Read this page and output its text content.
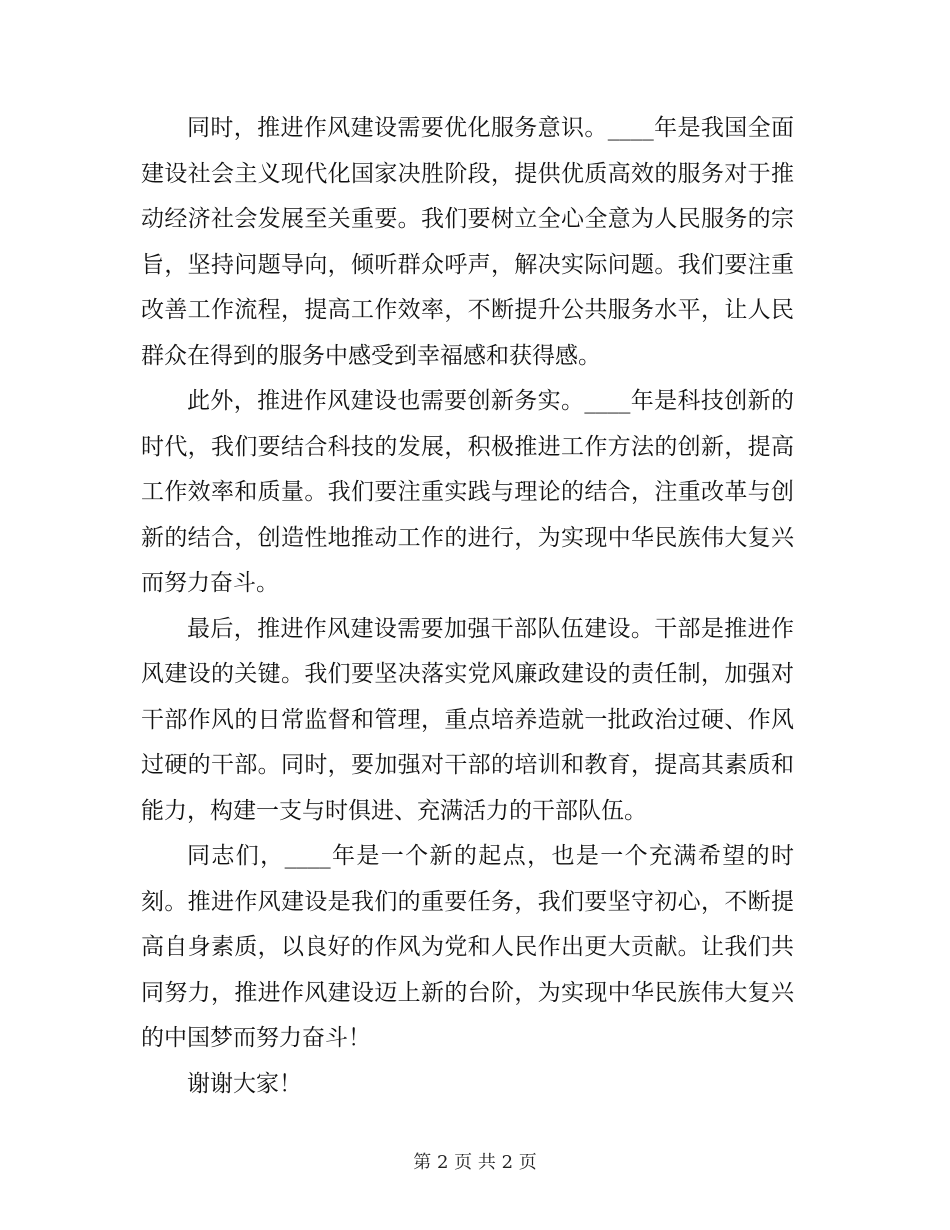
同时，推进作风建设需要优化服务意识。____年是我国全面建设社会主义现代化国家决胜阶段，提供优质高效的服务对于推动经济社会发展至关重要。我们要树立全心全意为人民服务的宗旨，坚持问题导向，倾听群众呼声，解决实际问题。我们要注重改善工作流程，提高工作效率，不断提升公共服务水平，让人民群众在得到的服务中感受到幸福感和获得感。

此外，推进作风建设也需要创新务实。____年是科技创新的时代，我们要结合科技的发展，积极推进工作方法的创新，提高工作效率和质量。我们要注重实践与理论的结合，注重改革与创新的结合，创造性地推动工作的进行，为实现中华民族伟大复兴而努力奋斗。

最后，推进作风建设需要加强干部队伍建设。干部是推进作风建设的关键。我们要坚决落实党风廉政建设的责任制，加强对干部作风的日常监督和管理，重点培养造就一批政治过硬、作风过硬的干部。同时，要加强对干部的培训和教育，提高其素质和能力，构建一支与时俱进、充满活力的干部队伍。

同志们，____年是一个新的起点，也是一个充满希望的时刻。推进作风建设是我们的重要任务，我们要坚守初心，不断提高自身素质，以良好的作风为党和人民作出更大贡献。让我们共同努力，推进作风建设迈上新的台阶，为实现中华民族伟大复兴的中国梦而努力奋斗！

谢谢大家！

第 2 页 共 2 页
